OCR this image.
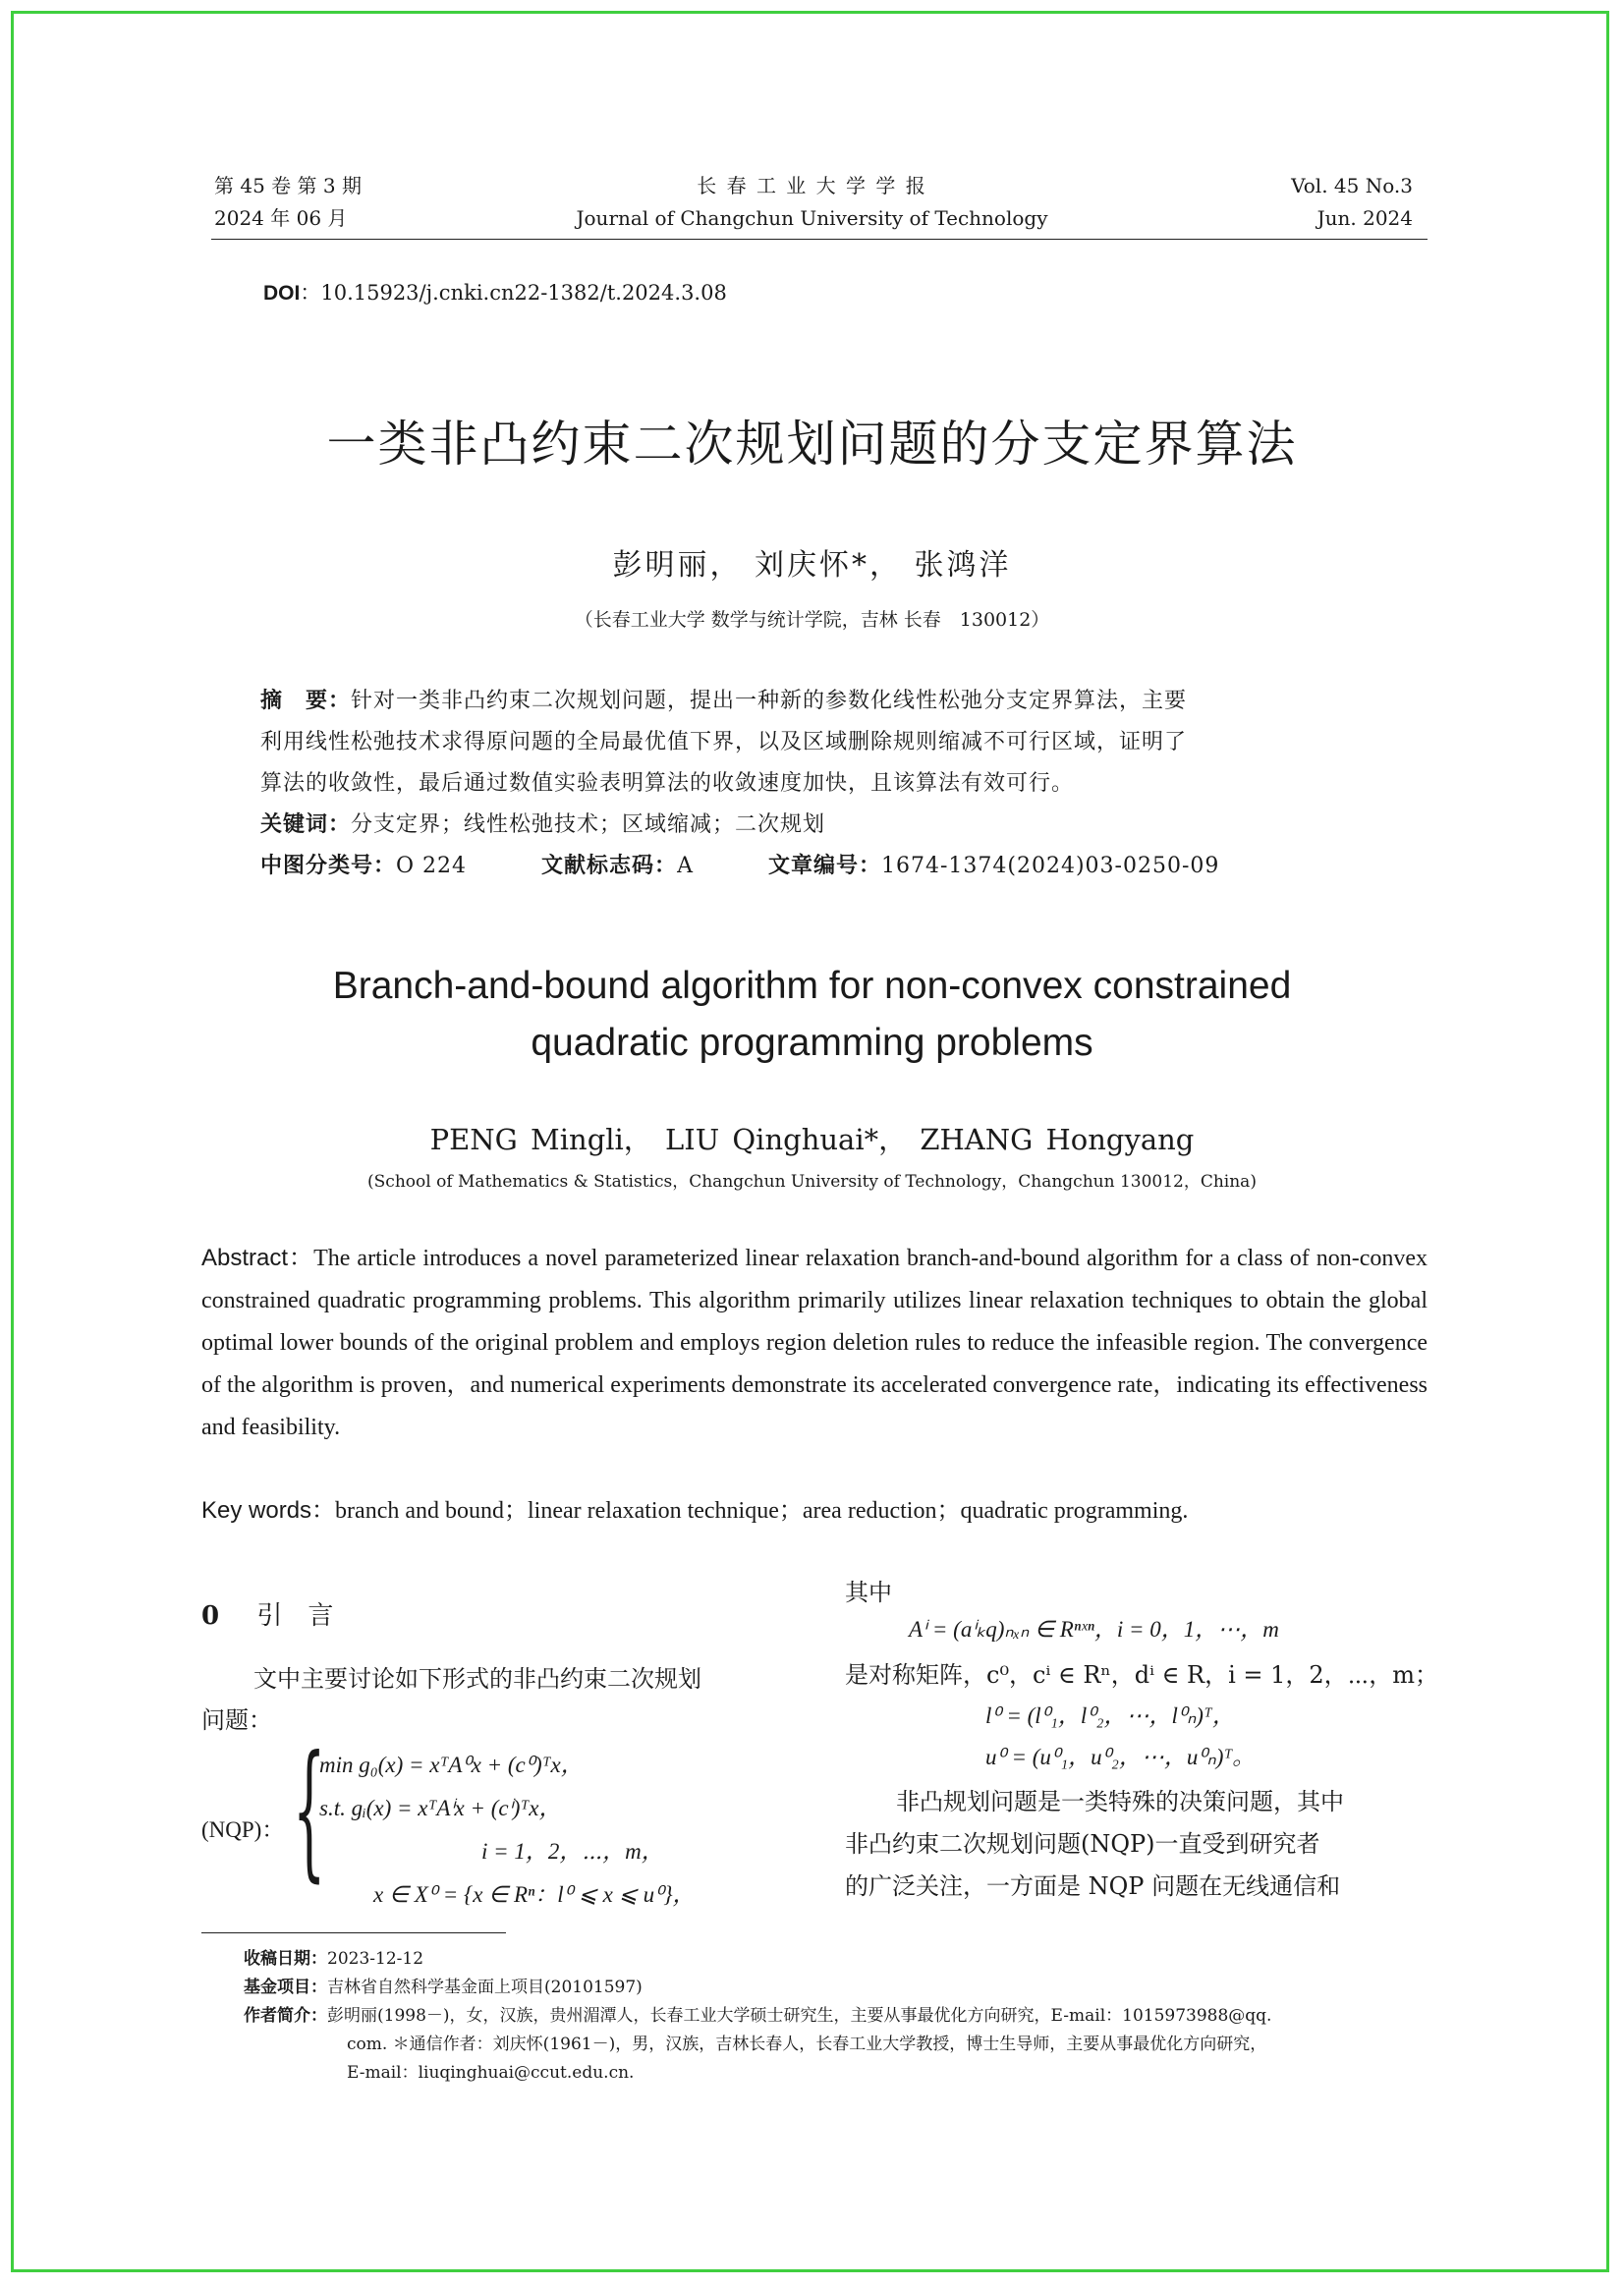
第 45 卷 第 3 期
2024 年 06 月
长 春 工 业 大 学 学 报
Journal of Changchun University of Technology
Vol. 45 No.3
Jun. 2024
DOI：10.15923/j.cnki.cn22-1382/t.2024.3.08
一类非凸约束二次规划问题的分支定界算法
彭明丽， 刘庆怀*， 张鸿洋
（长春工业大学 数学与统计学院，吉林 长春　130012）
摘　要：针对一类非凸约束二次规划问题，提出一种新的参数化线性松弛分支定界算法，主要
利用线性松弛技术求得原问题的全局最优值下界，以及区域删除规则缩减不可行区域，证明了
算法的收敛性，最后通过数值实验表明算法的收敛速度加快，且该算法有效可行。
关键词：分支定界；线性松弛技术；区域缩减；二次规划
中图分类号：O 224	文献标志码：A	文章编号：1674-1374(2024)03-0250-09
Branch-and-bound algorithm for non-convex constrained
quadratic programming problems
PENG Mingli， LIU Qinghuai*， ZHANG Hongyang
(School of Mathematics & Statistics，Changchun University of Technology，Changchun 130012，China)
Abstract：The article introduces a novel parameterized linear relaxation branch-and-bound algorithm for a class of non-convex constrained quadratic programming problems. This algorithm primarily utilizes linear relaxation techniques to obtain the global optimal lower bounds of the original problem and employs region deletion rules to reduce the infeasible region. The convergence of the algorithm is proven，and numerical experiments demonstrate its accelerated convergence rate，indicating its effectiveness and feasibility.
Key words：branch and bound；linear relaxation technique；area reduction；quadratic programming.
0 引　言
文中主要讨论如下形式的非凸约束二次规划
问题：
(NQP)： {
min g₀(x) = xᵀA⁰x + (c⁰)ᵀx，
s.t. gᵢ(x) = xᵀAⁱx + (cⁱ)ᵀx，
i = 1，2，⋯，m，
x ∈ X⁰ = {x ∈ Rⁿ：l⁰ ⩽ x ⩽ u⁰}，
其中
Aⁱ = (aⁱₖq)ₙₓₙ ∈ Rⁿˣⁿ，i = 0，1，⋯，m
是对称矩阵，c⁰，cⁱ ∈ Rⁿ，dⁱ ∈ R，i = 1，2，⋯，m；
l⁰ = (l⁰₁，l⁰₂，⋯，l⁰ₙ)ᵀ，
u⁰ = (u⁰₁，u⁰₂，⋯，u⁰ₙ)ᵀ。
非凸规划问题是一类特殊的决策问题，其中
非凸约束二次规划问题(NQP)一直受到研究者
的广泛关注，一方面是 NQP 问题在无线通信和
收稿日期：2023-12-12
基金项目：吉林省自然科学基金面上项目(20101597)
作者简介：彭明丽(1998－)，女，汉族，贵州湄潭人，长春工业大学硕士研究生，主要从事最优化方向研究，E-mail：1015973988@qq.
com. ＊通信作者：刘庆怀(1961－)，男，汉族，吉林长春人，长春工业大学教授，博士生导师，主要从事最优化方向研究，
E-mail：liuqinghuai@ccut.edu.cn.
